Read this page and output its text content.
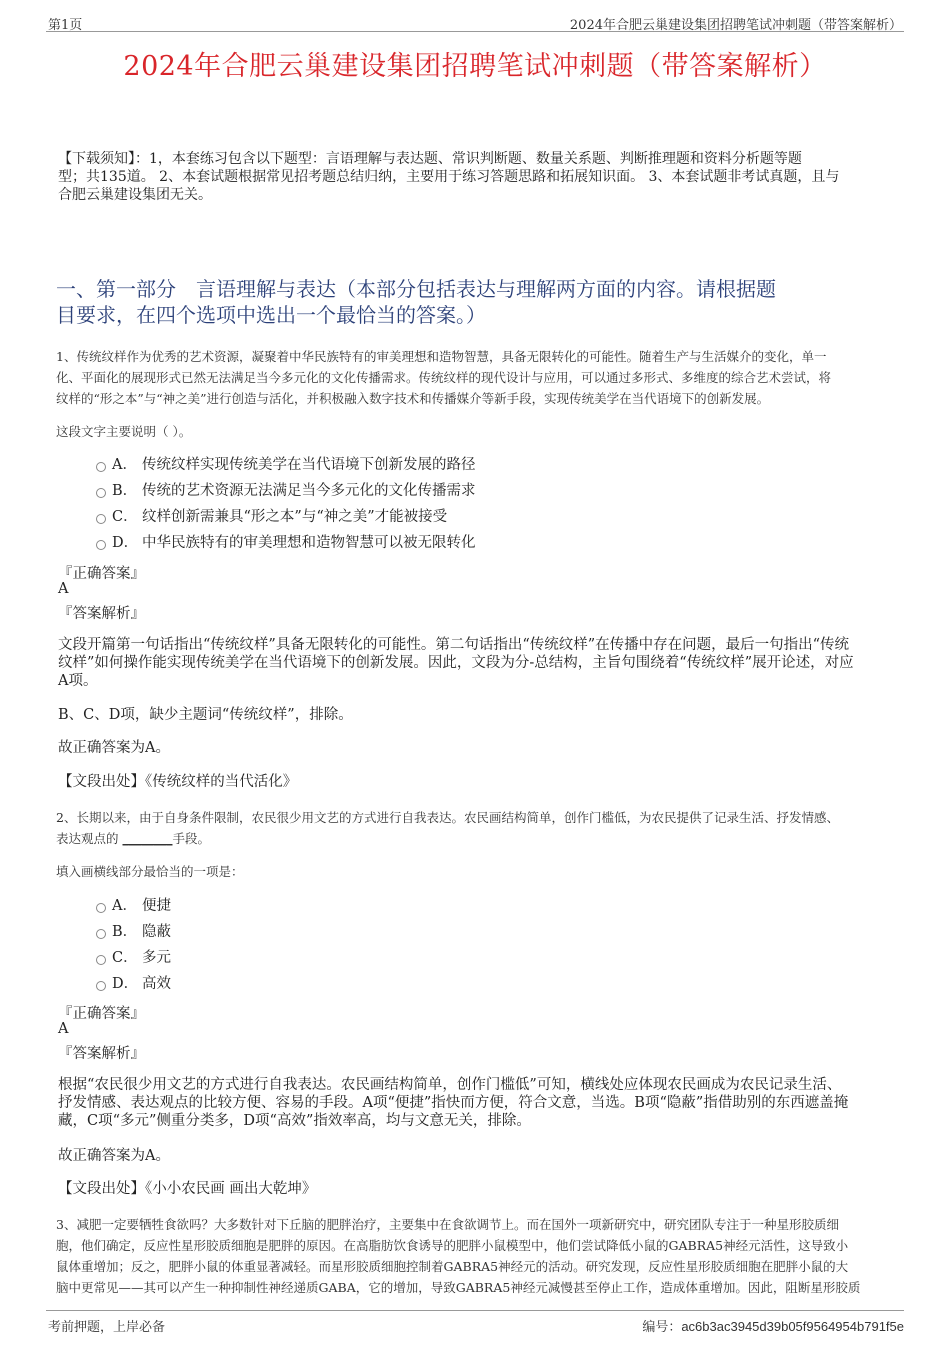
第1页	2024年合肥云巢建设集团招聘笔试冲刺题（带答案解析）
2024年合肥云巢建设集团招聘笔试冲刺题（带答案解析）
【下载须知】：1，本套练习包含以下题型：言语理解与表达题、常识判断题、数量关系题、判断推理题和资料分析题等题
型；共135道。 2、本套试题根据常见招考题总结归纳，主要用于练习答题思路和拓展知识面。 3、本套试题非考试真题，且与
合肥云巢建设集团无关。
一、第一部分　言语理解与表达（本部分包括表达与理解两方面的内容。请根据题
目要求，在四个选项中选出一个最恰当的答案。）
1、传统纹样作为优秀的艺术资源，凝聚着中华民族特有的审美理想和造物智慧，具备无限转化的可能性。随着生产与生活媒介的变化，单一
化、平面化的展现形式已然无法满足当今多元化的文化传播需求。传统纹样的现代设计与应用，可以通过多形式、多维度的综合艺术尝试，将
纹样的“形之本”与“神之美”进行创造与活化，并积极融入数字技术和传播媒介等新手段，实现传统美学在当代语境下的创新发展。
这段文字主要说明（ ）。
A． 传统纹样实现传统美学在当代语境下创新发展的路径
B． 传统的艺术资源无法满足当今多元化的文化传播需求
C． 纹样创新需兼具“形之本”与“神之美”才能被接受
D． 中华民族特有的审美理想和造物智慧可以被无限转化
『正确答案』
A
『答案解析』
文段开篇第一句话指出“传统纹样”具备无限转化的可能性。第二句话指出“传统纹样”在传播中存在问题，最后一句指出“传统
纹样”如何操作能实现传统美学在当代语境下的创新发展。因此，文段为分-总结构，主旨句围绕着“传统纹样”展开论述，对应
A项。
B、C、D项，缺少主题词“传统纹样”，排除。
故正确答案为A。
【文段出处】《传统纹样的当代活化》
2、长期以来，由于自身条件限制，农民很少用文艺的方式进行自我表达。农民画结构简单，创作门槛低，为农民提供了记录生活、抒发情感、
表达观点的 ________手段。
填入画横线部分最恰当的一项是：
A． 便捷
B． 隐蔽
C． 多元
D． 高效
『正确答案』
A
『答案解析』
根据“农民很少用文艺的方式进行自我表达。农民画结构简单，创作门槛低”可知，横线处应体现农民画成为农民记录生活、
抒发情感、表达观点的比较方便、容易的手段。A项“便捷”指快而方便，符合文意，当选。B项“隐蔽”指借助别的东西遮盖掩
藏，C项“多元”侧重分类多，D项“高效”指效率高，均与文意无关，排除。
故正确答案为A。
【文段出处】《小小农民画 画出大乾坤》
3、减肥一定要牺牲食欲吗？大多数针对下丘脑的肥胖治疗，主要集中在食欲调节上。而在国外一项新研究中，研究团队专注于一种星形胶质细
胞，他们确定，反应性星形胶质细胞是肥胖的原因。在高脂肪饮食诱导的肥胖小鼠模型中，他们尝试降低小鼠的GABRA5神经元活性，这导致小
鼠体重增加；反之，肥胖小鼠的体重显著减轻。而星形胶质细胞控制着GABRA5神经元的活动。研究发现，反应性星形胶质细胞在肥胖小鼠的大
脑中更常见——其可以产生一种抑制性神经递质GABA，它的增加，导致GABRA5神经元减慢甚至停止工作，造成体重增加。因此，阻断星形胶质
考前押题，上岸必备	编号：ac6b3ac3945d39b05f9564954b791f5e
